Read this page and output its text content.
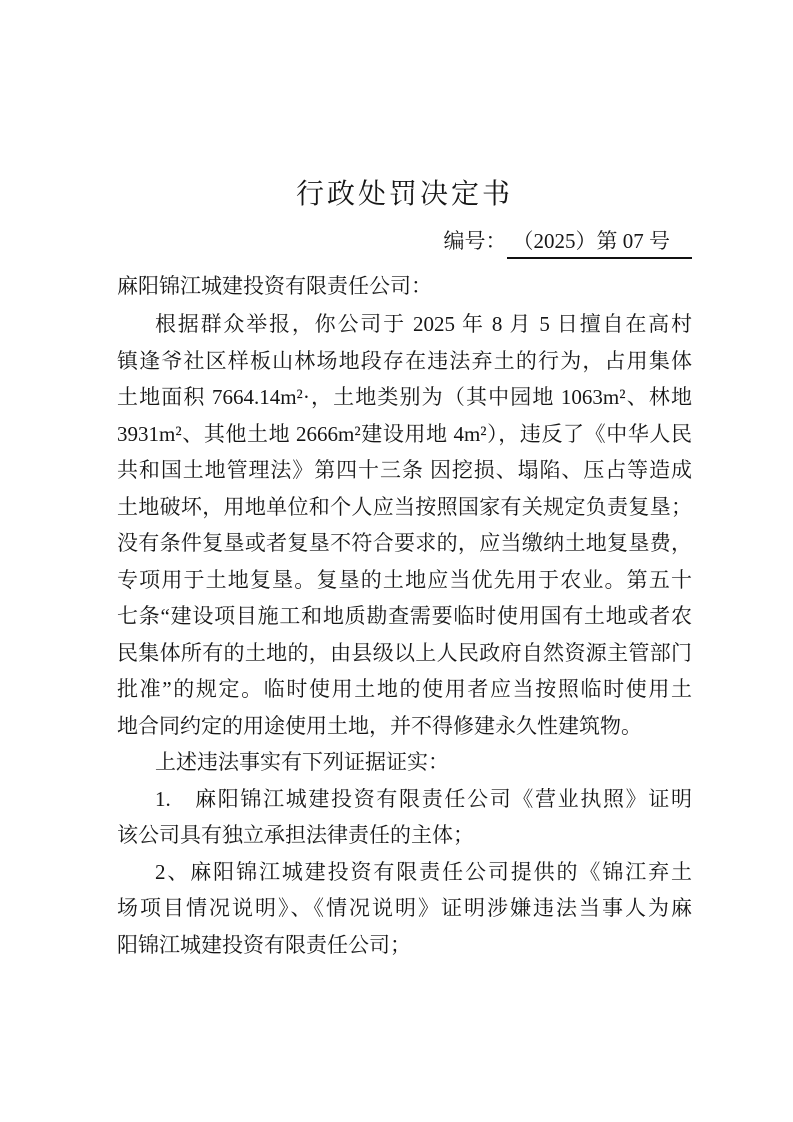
行政处罚决定书
编号： （2025）第 07 号
麻阳锦江城建投资有限责任公司：
根据群众举报，你公司于 2025 年 8 月 5 日擅自在高村
镇逢爷社区样板山林场地段存在违法弃土的行为，占用集体
土地面积 7664.14m²·，土地类别为（其中园地 1063m²、林地
3931m²、其他土地 2666m²建设用地 4m²），违反了《中华人民
共和国土地管理法》第四十三条 因挖损、塌陷、压占等造成
土地破坏，用地单位和个人应当按照国家有关规定负责复垦；
没有条件复垦或者复垦不符合要求的，应当缴纳土地复垦费，
专项用于土地复垦。复垦的土地应当优先用于农业。第五十
七条“建设项目施工和地质勘查需要临时使用国有土地或者农
民集体所有的土地的，由县级以上人民政府自然资源主管部门
批准”的规定。临时使用土地的使用者应当按照临时使用土
地合同约定的用途使用土地，并不得修建永久性建筑物。
上述违法事实有下列证据证实：
1.　麻阳锦江城建投资有限责任公司《营业执照》证明
该公司具有独立承担法律责任的主体；
2、麻阳锦江城建投资有限责任公司提供的《锦江弃土
场项目情况说明》、《情况说明》证明涉嫌违法当事人为麻
阳锦江城建投资有限责任公司；
